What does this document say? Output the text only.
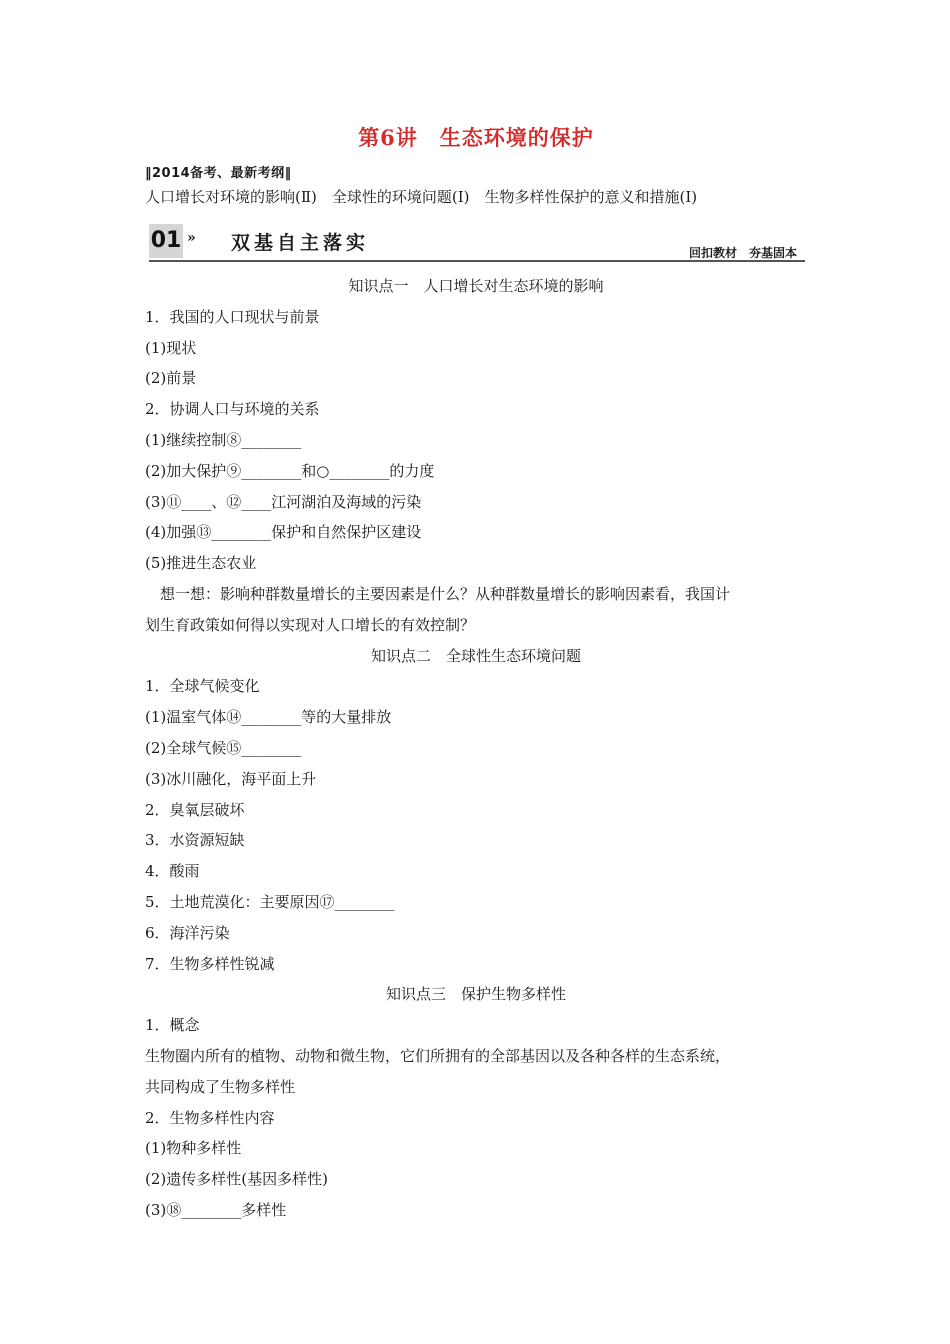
第6讲　生态环境的保护
‖2014备考、最新考纲‖
人口增长对环境的影响(Ⅱ)　全球性的环境问题(Ⅰ)　生物多样性保护的意义和措施(Ⅰ)
01 » 双基自主落实	回扣教材　夯基固本

知识点一　人口增长对生态环境的影响

1．我国的人口现状与前景

(1)现状

(2)前景

2．协调人口与环境的关系

(1)继续控制⑧________

(2)加大保护⑨________和○________的力度

(3)⑪____、⑫____江河湖泊及海域的污染

(4)加强⑬________保护和自然保护区建设

(5)推进生态农业

想一想：影响种群数量增长的主要因素是什么？从种群数量增长的影响因素看，我国计

划生育政策如何得以实现对人口增长的有效控制？

知识点二　全球性生态环境问题

1．全球气候变化

(1)温室气体⑭________等的大量排放

(2)全球气候⑮________

(3)冰川融化，海平面上升

2．臭氧层破坏

3．水资源短缺

4．酸雨

5．土地荒漠化：主要原因⑰________

6．海洋污染

7．生物多样性锐减

知识点三　保护生物多样性

1．概念

生物圈内所有的植物、动物和微生物，它们所拥有的全部基因以及各种各样的生态系统，

共同构成了生物多样性

2．生物多样性内容

(1)物种多样性

(2)遗传多样性(基因多样性)

(3)⑱________多样性
